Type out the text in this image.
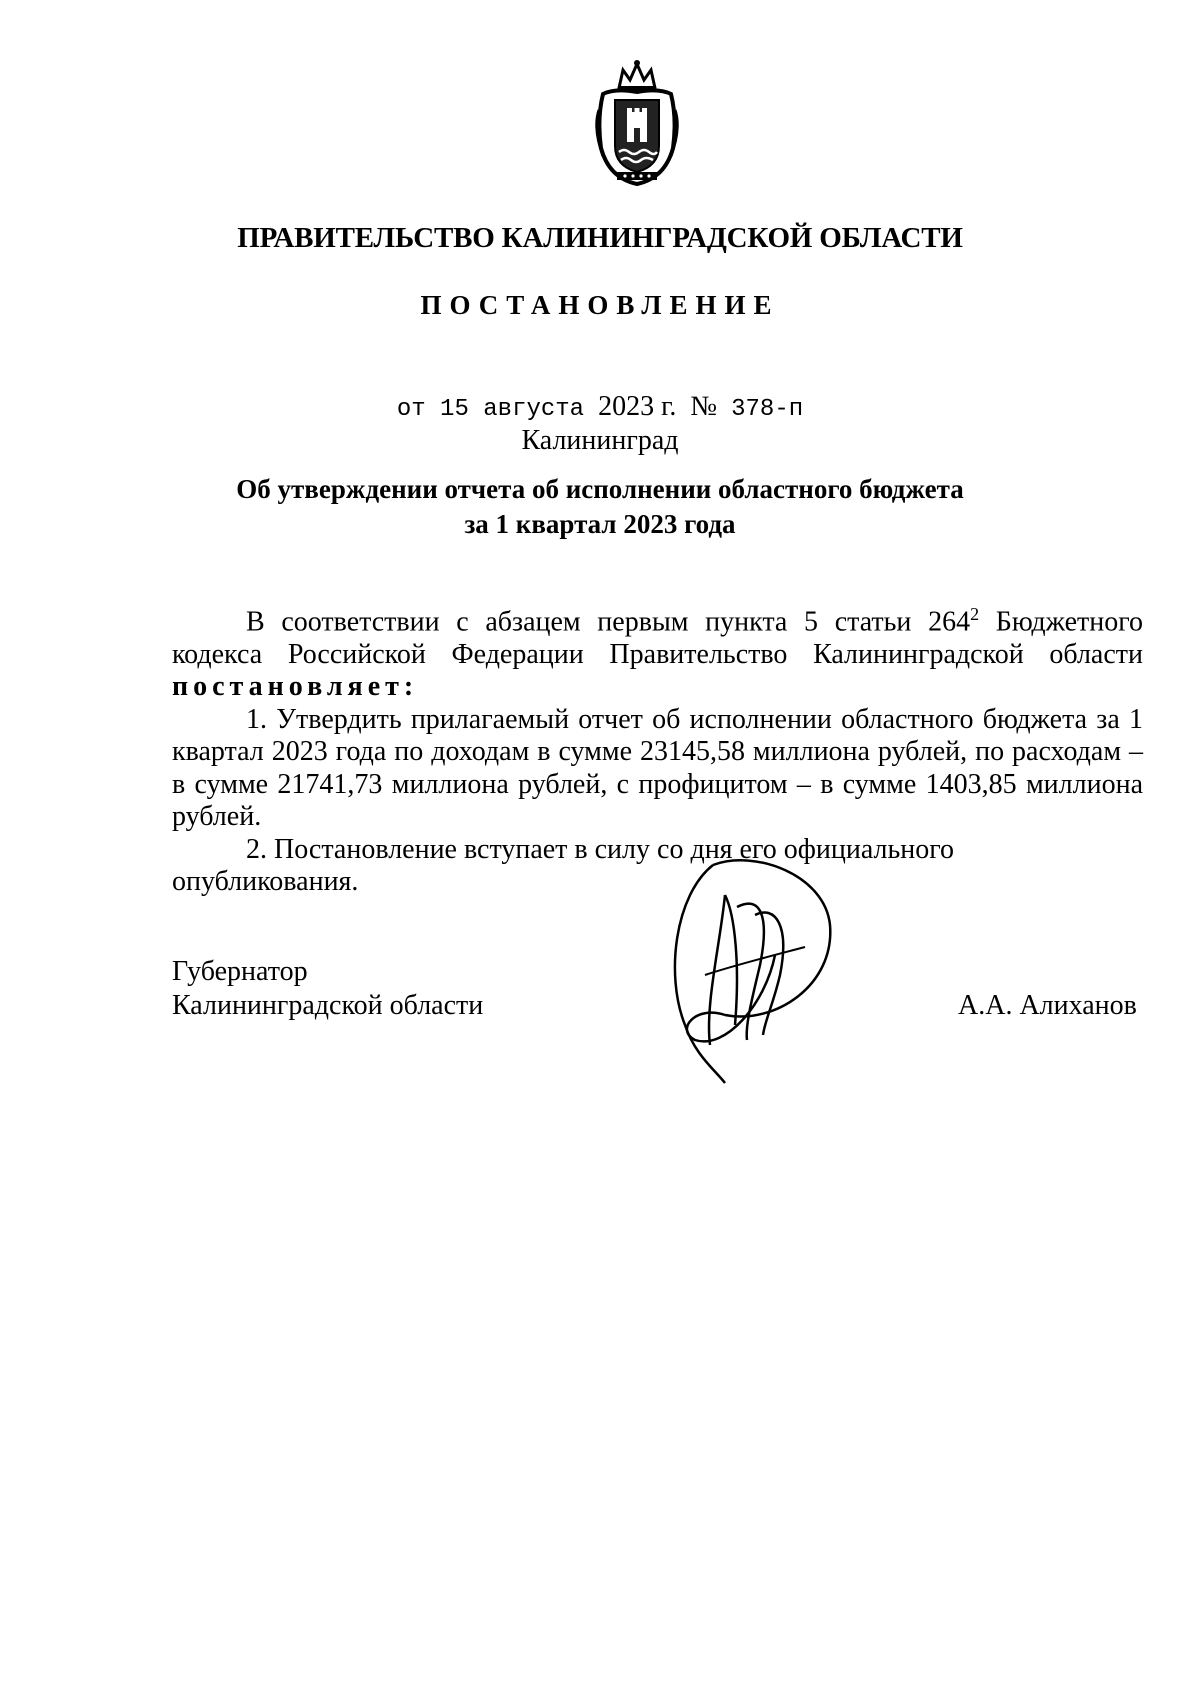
ПРАВИТЕЛЬСТВО КАЛИНИНГРАДСКОЙ ОБЛАСТИ
ПОСТАНОВЛЕНИЕ
от 15 августа 2023 г. № 378-п
Калининград
Об утверждении отчета об исполнении областного бюджета
за 1 квартал 2023 года

В соответствии с абзацем первым пункта 5 статьи $264^2$ Бюджетного кодекса Российской Федерации Правительство Калининградской области постановляет:

1. Утвердить прилагаемый отчет об исполнении областного бюджета за 1 квартал 2023 года по доходам в сумме 23145,58 миллиона рублей, по расходам – в сумме 21741,73 миллиона рублей, с профицитом – в сумме 1403,85 миллиона рублей.

2. Постановление вступает в силу со дня его официального опубликования.

Губернатор
Калининградской области	А.А. Алиханов
